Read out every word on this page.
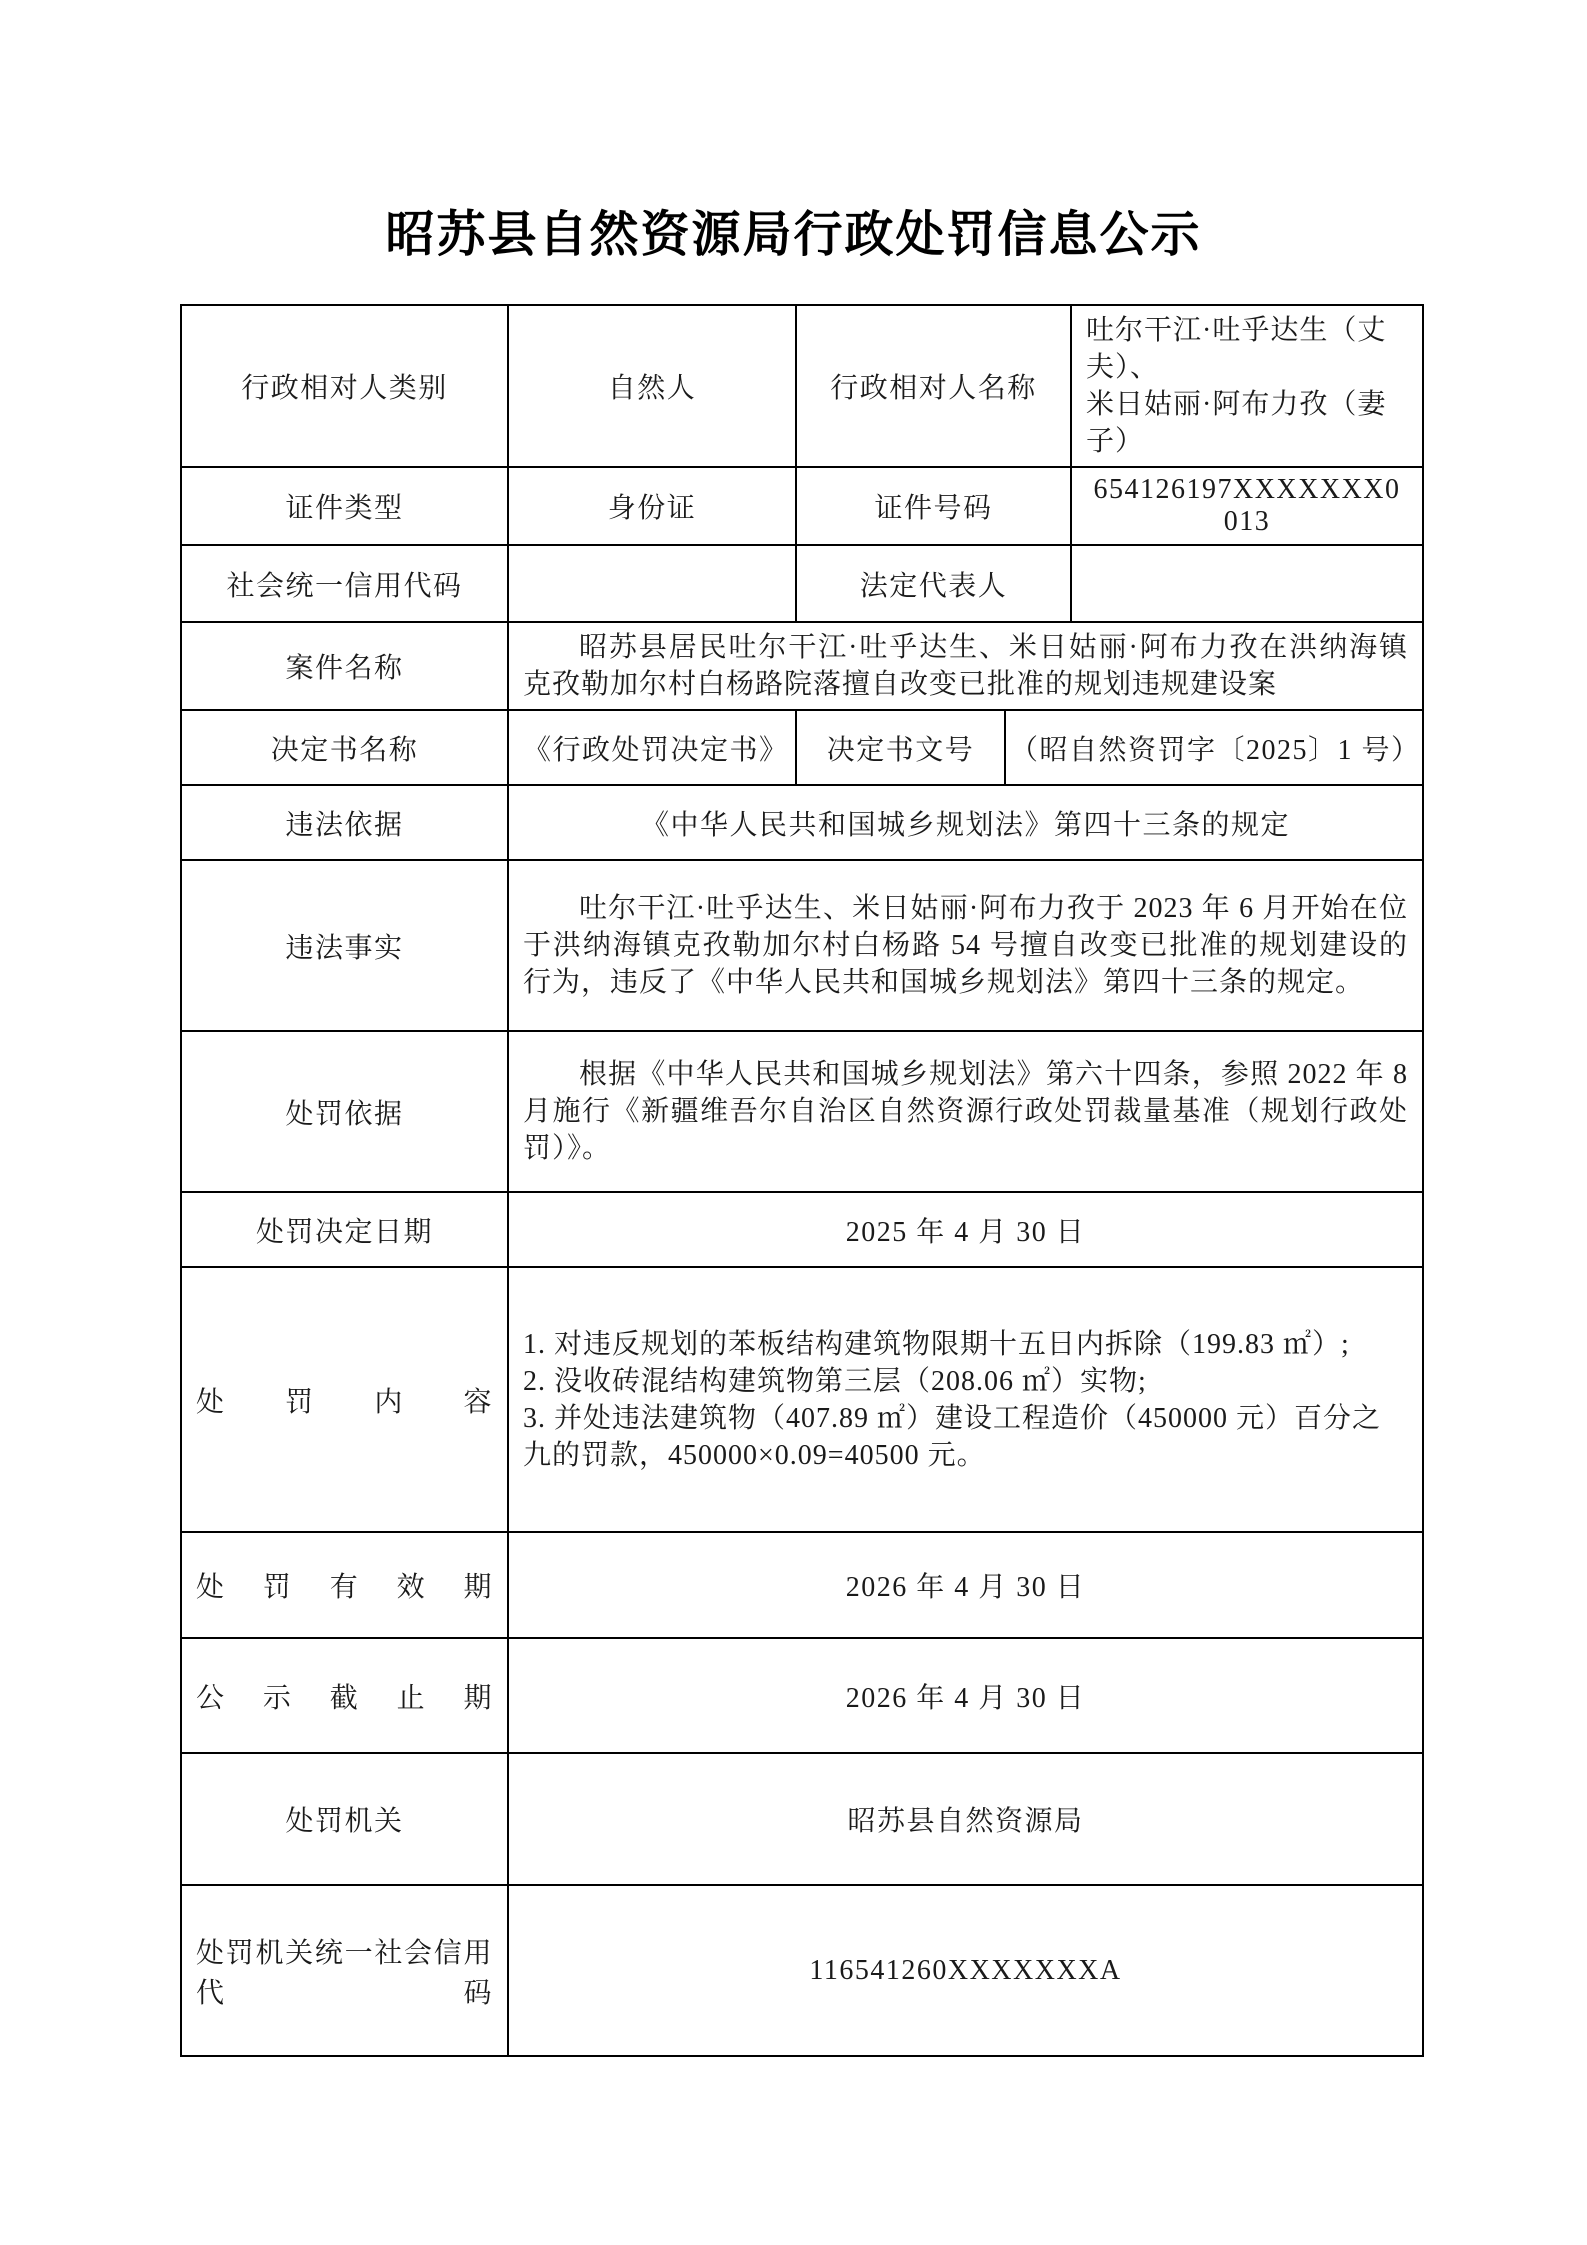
昭苏县自然资源局行政处罚信息公示
行政相对人类别	自然人	行政相对人名称		吐尔干江·吐乎达生（丈夫）、
米日姑丽·阿布力孜（妻子）

证件类型	身份证	证件号码		654126197XXXXXXX0013
社会统一信用代码		法定代表人		
案件名称	昭苏县居民吐尔干江·吐乎达生、米日姑丽·阿布力孜在洪纳海镇克孜勒加尔村白杨路院落擅自改变已批准的规划违规建设案			

决定书名称	《行政处罚决定书》	决定书文号	（昭自然资罚字〔2025〕1 号）	
违法依据	《中华人民共和国城乡规划法》第四十三条的规定			
违法事实	吐尔干江·吐乎达生、米日姑丽·阿布力孜于 2023 年 6 月开始在位于洪纳海镇克孜勒加尔村白杨路 54 号擅自改变已批准的规划建设的行为，违反了《中华人民共和国城乡规划法》第四十三条的规定。			

处罚依据	根据《中华人民共和国城乡规划法》第六十四条，参照 2022 年 8 月施行《新疆维吾尔自治区自然资源行政处罚裁量基准（规划行政处罚）》。			

处罚决定日期	2025 年 4 月 30 日			
处罚内容	1. 对违反规划的苯板结构建筑物限期十五日内拆除（199.83 ㎡）;
2. 没收砖混结构建筑物第三层（208.06 ㎡）实物;
3. 并处违法建筑物（407.89 ㎡）建设工程造价（450000 元）百分之九的罚款，450000×0.09=40500 元。			

处罚有效期	2026 年 4 月 30 日			
公示截止期	2026 年 4 月 30 日			
处罚机关	昭苏县自然资源局			
处罚机关统一社会信用代码	116541260XXXXXXXA			
